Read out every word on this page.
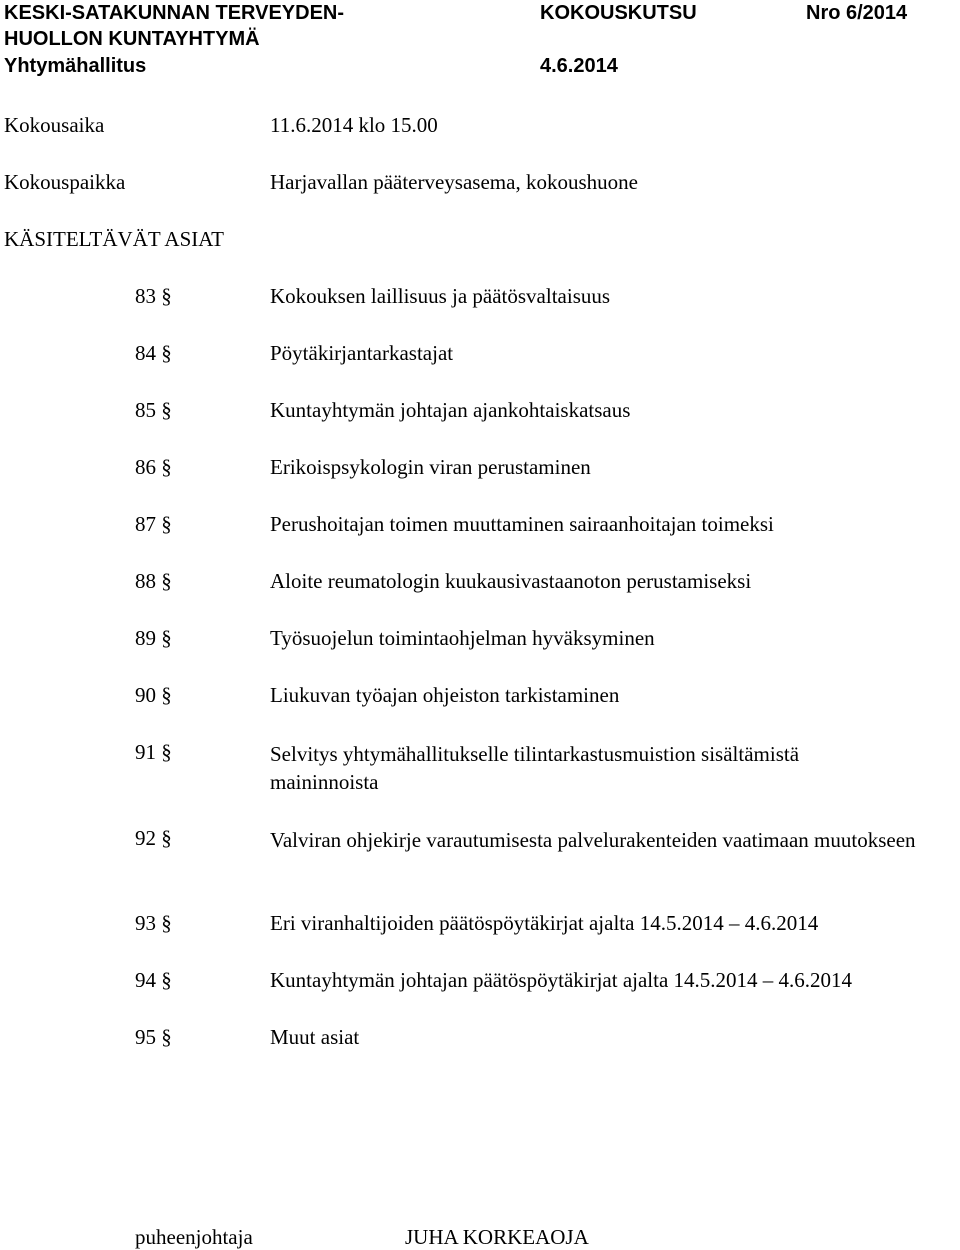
KESKI-SATAKUNNAN TERVEYDEN-
HUOLLON KUNTAYHTYMÄ
Yhtymähallitus
KOKOUSKUTSU	Nro 6/2014
4.6.2014
Kokousaika	11.6.2014 klo 15.00
Kokouspaikka	Harjavallan pääterveysasema, kokoushuone
KÄSITELTÄVÄT ASIAT
83 §	Kokouksen laillisuus ja päätösvaltaisuus
84 §	Pöytäkirjantarkastajat
85 §	Kuntayhtymän johtajan ajankohtaiskatsaus
86 §	Erikoispsykologin viran perustaminen
87 §	Perushoitajan toimen muuttaminen sairaanhoitajan toimeksi
88 §	Aloite reumatologin kuukausivastaanoton perustamiseksi
89 §	Työsuojelun toimintaohjelman hyväksyminen
90 §	Liukuvan työajan ohjeiston tarkistaminen
91 §	Selvitys yhtymähallitukselle tilintarkastusmuistion sisältämistä maininnoista
92 §	Valviran ohjekirje varautumisesta palvelurakenteiden vaatimaan muutokseen
93 §	Eri viranhaltijoiden päätöspöytäkirjat ajalta 14.5.2014 – 4.6.2014
94 §	Kuntayhtymän johtajan päätöspöytäkirjat ajalta 14.5.2014 – 4.6.2014
95 §	Muut asiat
puheenjohtaja	JUHA KORKEAOJA
